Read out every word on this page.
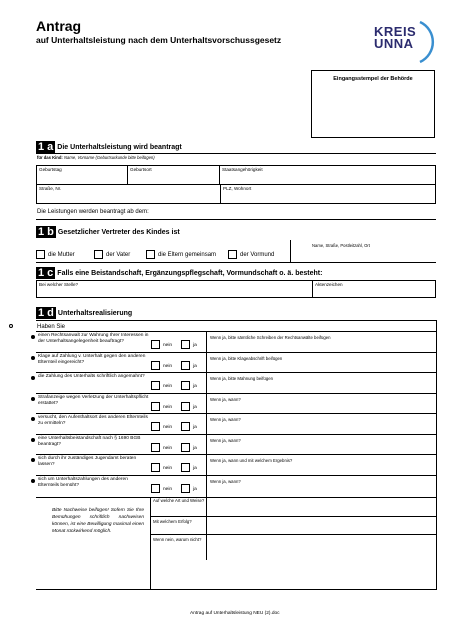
Antrag
auf Unterhaltsleistung nach dem Unterhaltsvorschussgesetz
KREIS
UNNA
Eingangsstempel der Behörde
1 a Die Unterhaltsleistung wird beantragt
für das Kind: Name, Vorname (Geburtsurkunde bitte beifügen)
Geburtstag	Geburtsort	Staatsangehörigkeit
Straße, Nr.	PLZ, Wohnort
Die Leistungen werden beantragt ab dem:
1 b Gesetzlicher Vertreter des Kindes ist
Name, Straße, Postleitzahl, Ort
die Mutter	der Vater	die Eltern gemeinsam	der Vormund
1 c Falls eine Beistandschaft, Ergänzungspflegschaft, Vormundschaft o. ä. besteht:
Bei welcher Stelle?	Aktenzeichen
1 d Unterhaltsrealisierung
Haben Sie
einen Rechtsanwalt zur Wahrung Ihrer Interessen in der Unterhaltsangelegenheit beauftragt?
nein	ja
Wenn ja, bitte sämtliche Schreiben der Rechtsanwälte beifügen
Klage auf Zahlung v. Unterhalt gegen den anderen Elternteil eingereicht?
nein	ja
Wenn ja, bitte Klageabschrift beifügen
die Zahlung des Unterhalts schriftlich angemahnt?
nein	ja
Wenn ja, bitte Mahnung beifügen
Strafanzeige wegen Verletzung der Unterhaltspflicht erstattet?
nein	ja
Wenn ja, wann?
versucht, den Aufenthaltsort des anderen Elternteils zu ermitteln?
nein	ja
Wenn ja, wann?
eine Unterhaltsbeistandschaft nach § 1690 BGB beantragt?
nein	ja
Wenn ja, wann?
sich durch ihr zuständiges Jugendamt beraten lassen?
nein	ja
Wenn ja, wann und mit welchem Ergebnis?
sich um Unterhaltszahlungen des anderen Elternteils bemüht?
nein	ja
Wenn ja, wann?
Bitte Nachweise beifügen! Sofern Sie Ihre Bemühungen schriftlich nachweisen können, ist eine Bewilligung maximal einen Monat rückwirkend möglich.
Auf welche Art und Weise?
Mit welchem Erfolg?
Wenn nein, warum nicht?
Antrag auf Unterhaltsleistung NEU (2).doc
